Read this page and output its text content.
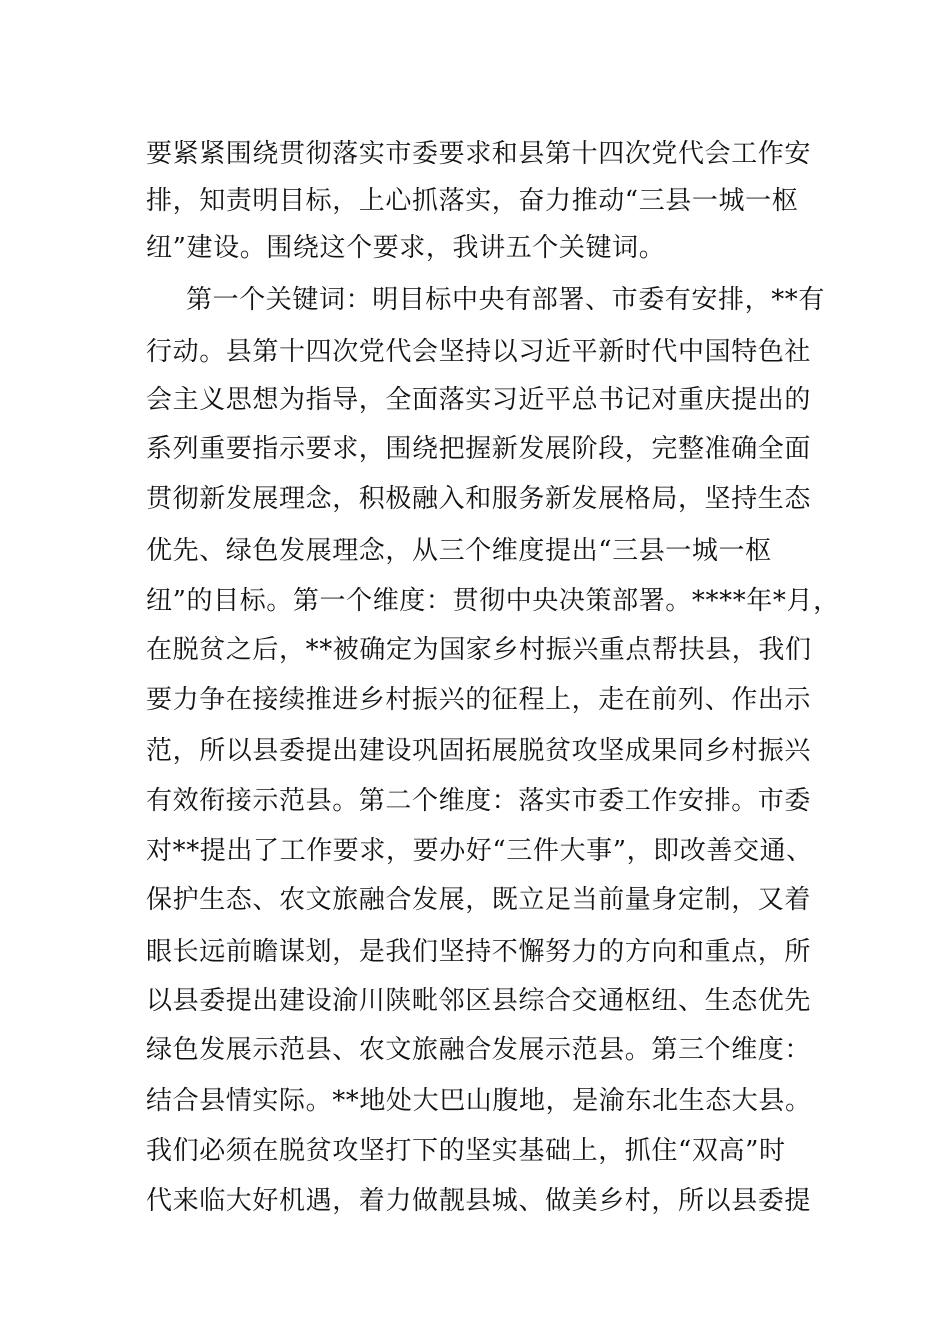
要紧紧围绕贯彻落实市委要求和县第十四次党代会工作安
排，知责明目标，上心抓落实，奋力推动“三县一城一枢
纽”建设。围绕这个要求，我讲五个关键词。
第一个关键词：明目标中央有部署、市委有安排，**有
行动。县第十四次党代会坚持以习近平新时代中国特色社
会主义思想为指导，全面落实习近平总书记对重庆提出的
系列重要指示要求，围绕把握新发展阶段，完整准确全面
贯彻新发展理念，积极融入和服务新发展格局，坚持生态
优先、绿色发展理念，从三个维度提出“三县一城一枢
纽”的目标。第一个维度：贯彻中央决策部署。****年*月，
在脱贫之后，**被确定为国家乡村振兴重点帮扶县，我们
要力争在接续推进乡村振兴的征程上，走在前列、作出示
范，所以县委提出建设巩固拓展脱贫攻坚成果同乡村振兴
有效衔接示范县。第二个维度：落实市委工作安排。市委
对**提出了工作要求，要办好“三件大事”，即改善交通、
保护生态、农文旅融合发展，既立足当前量身定制，又着
眼长远前瞻谋划，是我们坚持不懈努力的方向和重点，所
以县委提出建设渝川陕毗邻区县综合交通枢纽、生态优先
绿色发展示范县、农文旅融合发展示范县。第三个维度：
结合县情实际。**地处大巴山腹地，是渝东北生态大县。
我们必须在脱贫攻坚打下的坚实基础上，抓住“双高”时
代来临大好机遇，着力做靓县城、做美乡村，所以县委提
